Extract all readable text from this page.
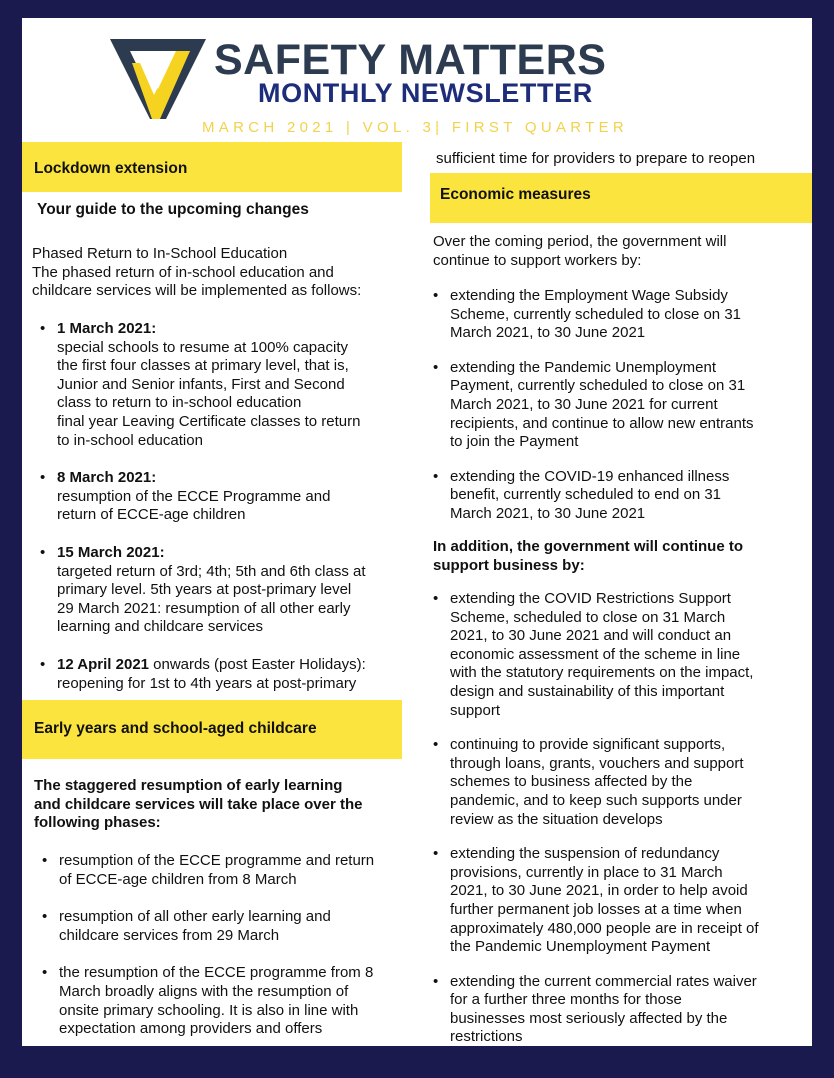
SAFETY MATTERS
MONTHLY NEWSLETTER
MARCH 2021 | VOL. 3| FIRST QUARTER
Lockdown extension
Your guide to the upcoming changes
Phased Return to In-School Education
The phased return of in-school education and
childcare services will be implemented as follows:
• 1 March 2021:
special schools to resume at 100% capacity
the first four classes at primary level, that is,
Junior and Senior infants, First and Second
class to return to in-school education
final year Leaving Certificate classes to return
to in-school education
• 8 March 2021:
resumption of the ECCE Programme and
return of ECCE-age children
• 15 March 2021:
targeted return of 3rd; 4th; 5th and 6th class at
primary level. 5th years at post-primary level
29 March 2021: resumption of all other early
learning and childcare services
• 12 April 2021 onwards (post Easter Holidays):
reopening for 1st to 4th years at post-primary
Early years and school-aged childcare
The staggered resumption of early learning
and childcare services will take place over the
following phases:
• resumption of the ECCE programme and return
of ECCE-age children from 8 March
• resumption of all other early learning and
childcare services from 29 March
• the resumption of the ECCE programme from 8
March broadly aligns with the resumption of
onsite primary schooling. It is also in line with
expectation among providers and offers
sufficient time for providers to prepare to reopen
Economic measures
Over the coming period, the government will
continue to support workers by:
• extending the Employment Wage Subsidy
Scheme, currently scheduled to close on 31
March 2021, to 30 June 2021
• extending the Pandemic Unemployment
Payment, currently scheduled to close on 31
March 2021, to 30 June 2021 for current
recipients, and continue to allow new entrants
to join the Payment
• extending the COVID-19 enhanced illness
benefit, currently scheduled to end on 31
March 2021, to 30 June 2021
In addition, the government will continue to
support business by:
• extending the COVID Restrictions Support
Scheme, scheduled to close on 31 March
2021, to 30 June 2021 and will conduct an
economic assessment of the scheme in line
with the statutory requirements on the impact,
design and sustainability of this important
support
• continuing to provide significant supports,
through loans, grants, vouchers and support
schemes to business affected by the
pandemic, and to keep such supports under
review as the situation develops
• extending the suspension of redundancy
provisions, currently in place to 31 March
2021, to 30 June 2021, in order to help avoid
further permanent job losses at a time when
approximately 480,000 people are in receipt of
the Pandemic Unemployment Payment
• extending the current commercial rates waiver
for a further three months for those
businesses most seriously affected by the
restrictions
